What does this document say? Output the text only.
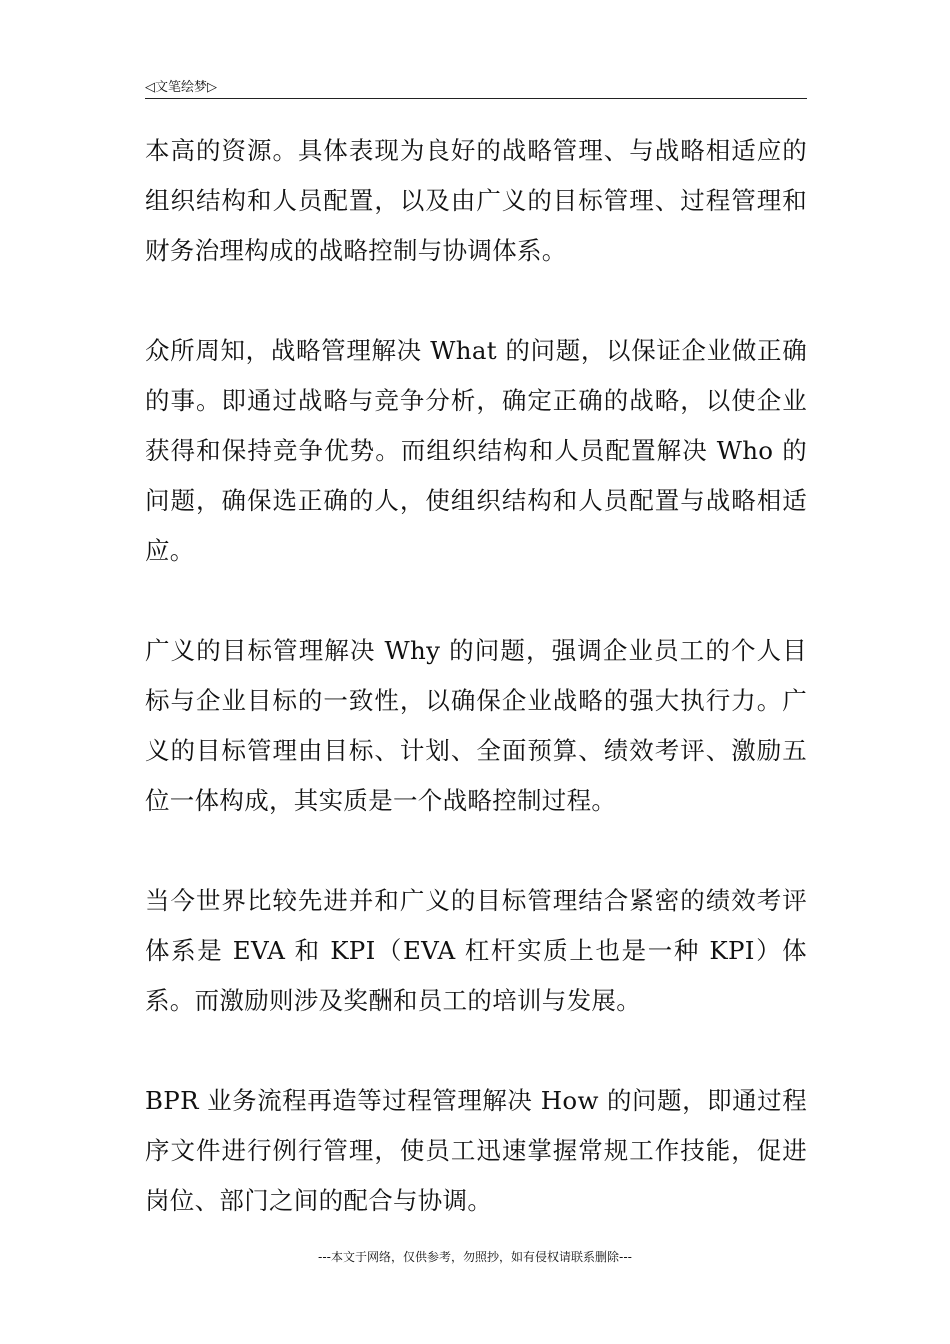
◁文笔绘梦▷

本高的资源。具体表现为良好的战略管理、与战略相适应的组织结构和人员配置，以及由广义的目标管理、过程管理和财务治理构成的战略控制与协调体系。

众所周知，战略管理解决 What 的问题，以保证企业做正确的事。即通过战略与竞争分析，确定正确的战略，以使企业获得和保持竞争优势。而组织结构和人员配置解决 Who 的问题，确保选正确的人，使组织结构和人员配置与战略相适应。

广义的目标管理解决 Why 的问题，强调企业员工的个人目标与企业目标的一致性，以确保企业战略的强大执行力。广义的目标管理由目标、计划、全面预算、绩效考评、激励五位一体构成，其实质是一个战略控制过程。

当今世界比较先进并和广义的目标管理结合紧密的绩效考评体系是 EVA 和 KPI（EVA 杠杆实质上也是一种 KPI）体系。而激励则涉及奖酬和员工的培训与发展。

BPR 业务流程再造等过程管理解决 How 的问题，即通过程序文件进行例行管理，使员工迅速掌握常规工作技能，促进岗位、部门之间的配合与协调。

---本文于网络，仅供参考，勿照抄，如有侵权请联系删除---
